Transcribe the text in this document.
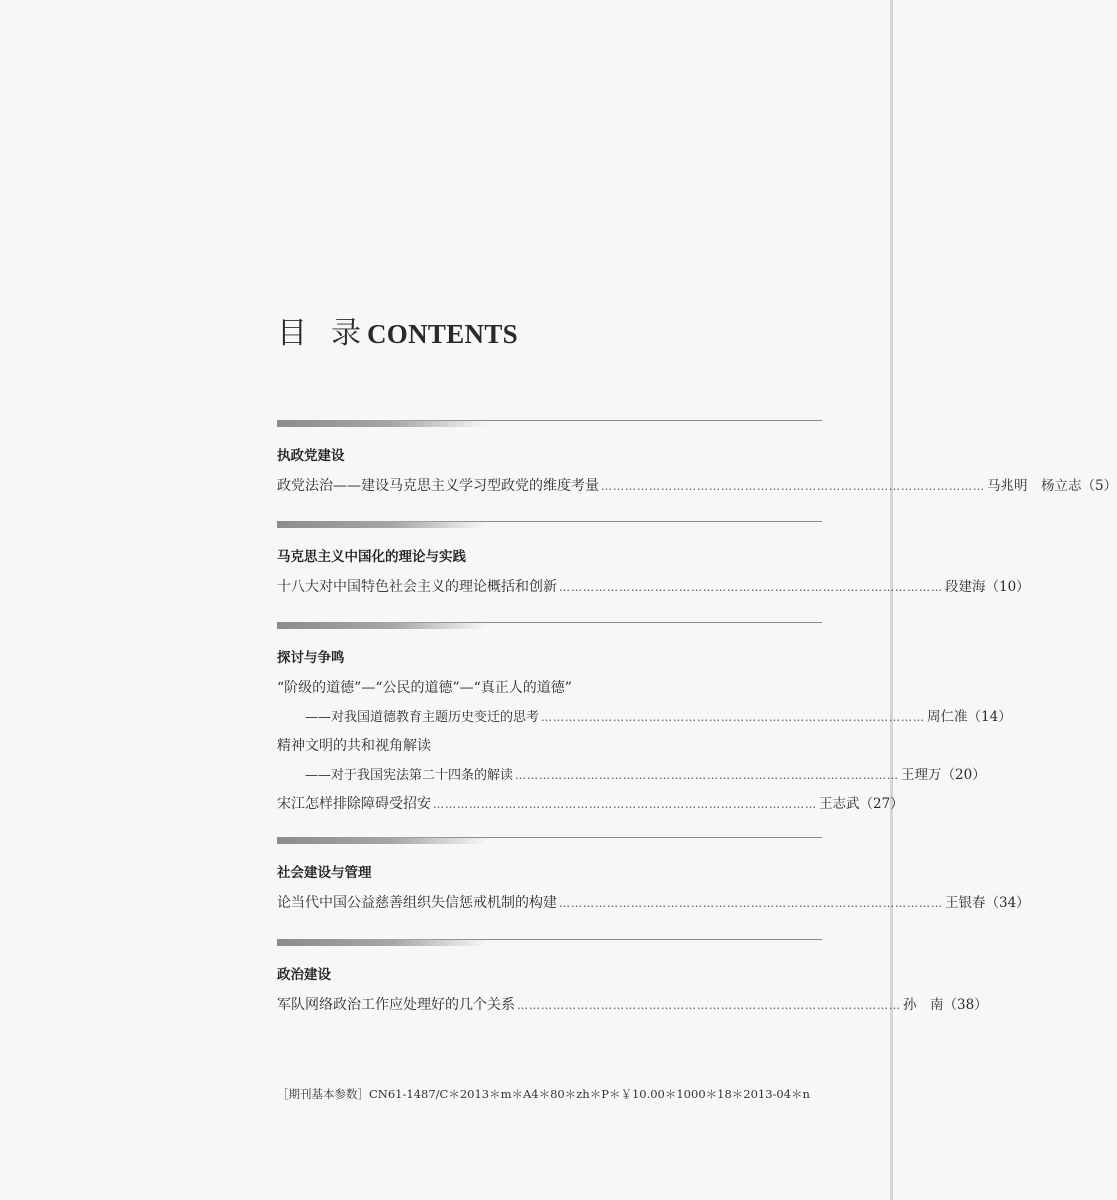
目 录 CONTENTS
执政党建设
政党法治——建设马克思主义学习型政党的维度考量 …………………………………………………………………………………… 马兆明　杨立志（5）
马克思主义中国化的理论与实践
十八大对中国特色社会主义的理论概括和创新 …………………………………………………………………………………… 段建海（10）
探讨与争鸣
“阶级的道德”—“公民的道德”—“真正人的道德”
——对我国道德教育主题历史变迁的思考 …………………………………………………………………………………… 周仁准（14）
精神文明的共和视角解读
——对于我国宪法第二十四条的解读 …………………………………………………………………………………… 王理万（20）
宋江怎样排除障碍受招安 …………………………………………………………………………………… 王志武（27）
社会建设与管理
论当代中国公益慈善组织失信惩戒机制的构建 …………………………………………………………………………………… 王银春（34）
政治建设
军队网络政治工作应处理好的几个关系 …………………………………………………………………………………… 孙　南（38）
［期刊基本参数］CN61-1487/C＊2013＊m＊A4＊80＊zh＊P＊￥10.00＊1000＊18＊2013-04＊n
